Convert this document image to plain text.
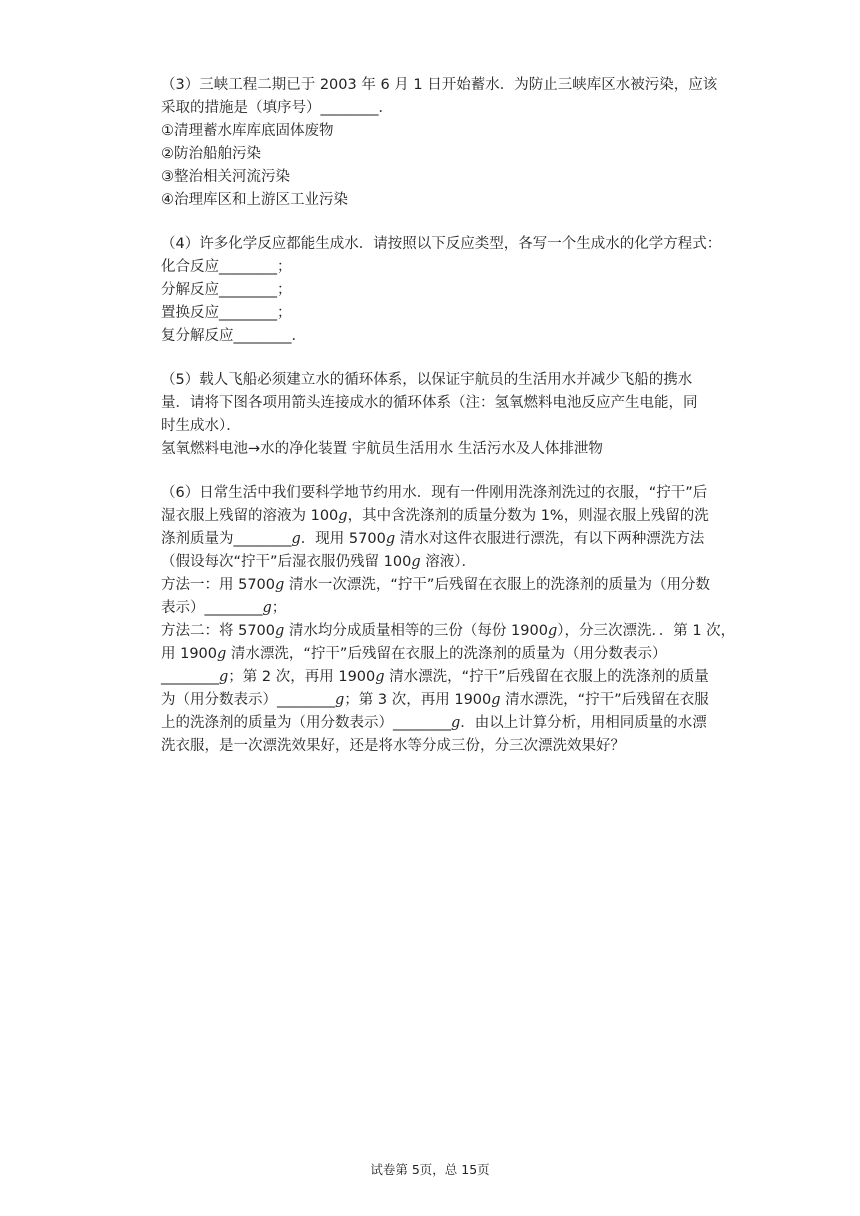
（3）三峡工程二期已于 2003 年 6 月 1 日开始蓄水．为防止三峡库区水被污染，应该
采取的措施是（填序号）________．
①清理蓄水库库底固体废物
②防治船舶污染
③整治相关河流污染
④治理库区和上游区工业污染
（4）许多化学反应都能生成水．请按照以下反应类型，各写一个生成水的化学方程式：
化合反应________；
分解反应________；
置换反应________；
复分解反应________．
（5）载人飞船必须建立水的循环体系，以保证宇航员的生活用水并减少飞船的携水
量．请将下图各项用箭头连接成水的循环体系（注：氢氧燃料电池反应产生电能，同
时生成水）．
氢氧燃料电池→水的净化装置 宇航员生活用水 生活污水及人体排泄物
（6）日常生活中我们要科学地节约用水．现有一件刚用洗涤剂洗过的衣服，“拧干”后
湿衣服上残留的溶液为 100g，其中含洗涤剂的质量分数为 1%，则湿衣服上残留的洗
涤剂质量为________g．现用 5700g 清水对这件衣服进行漂洗，有以下两种漂洗方法
（假设每次“拧干”后湿衣服仍残留 100g 溶液）．
方法一：用 5700g 清水一次漂洗，“拧干”后残留在衣服上的洗涤剂的质量为（用分数
表示）________g；
方法二：将 5700g 清水均分成质量相等的三份（每份 1900g），分三次漂洗．．第 1 次，
用 1900g 清水漂洗，“拧干”后残留在衣服上的洗涤剂的质量为（用分数表示）
________g；第 2 次，再用 1900g 清水漂洗，“拧干”后残留在衣服上的洗涤剂的质量
为（用分数表示）________g；第 3 次，再用 1900g 清水漂洗，“拧干”后残留在衣服
上的洗涤剂的质量为（用分数表示）________g．由以上计算分析，用相同质量的水漂
洗衣服，是一次漂洗效果好，还是将水等分成三份，分三次漂洗效果好？
试卷第 5页，总 15页
